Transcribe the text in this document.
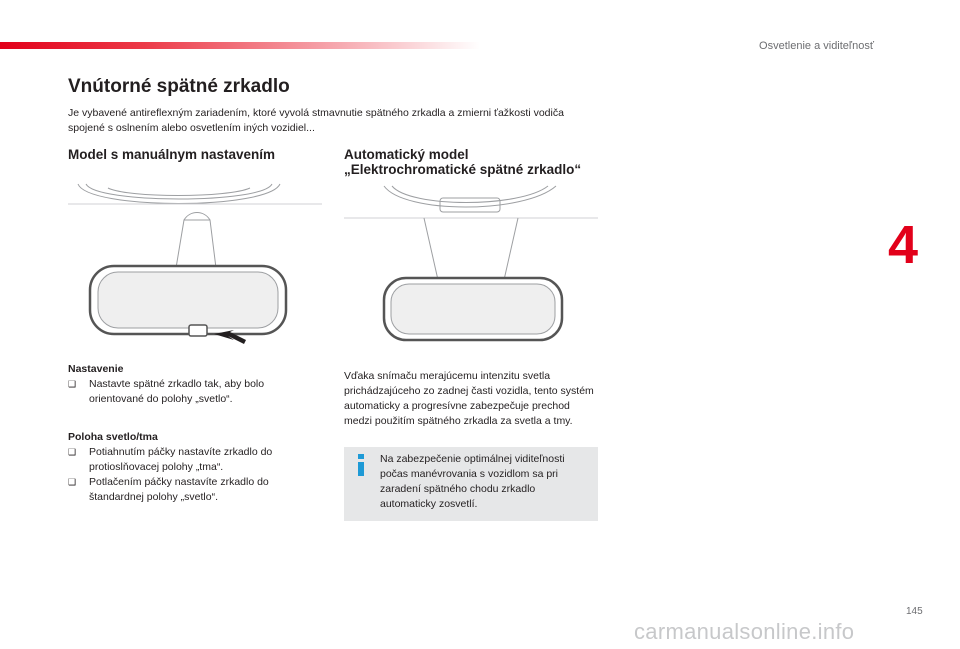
Osvetlenie a viditeľnosť
4
Vnútorné spätné zrkadlo

Je vybavené antireflexným zariadením, ktoré vyvolá stmavnutie spätného zrkadla a zmierni ťažkosti vodiča spojené s oslnením alebo osvetlením iných vozidiel...

Model s manuálnym nastavením	Automatický model
„Elektrochromatické spätné zrkadlo“
Nastavenie
❑	Nastavte spätné zrkadlo tak, aby bolo orientované do polohy „svetlo“.
Poloha svetlo/tma
❑	Potiahnutím páčky nastavíte zrkadlo do protioslňovacej polohy „tma“.
❑	Potlačením páčky nastavíte zrkadlo do štandardnej polohy „svetlo“.

Vďaka snímaču merajúcemu intenzitu svetla prichádzajúceho zo zadnej časti vozidla, tento systém automaticky a progresívne zabezpečuje prechod medzi použitím spätného zrkadla za svetla a tmy.

Na zabezpečenie optimálnej viditeľnosti počas manévrovania s vozidlom sa pri zaradení spätného chodu zrkadlo automaticky zosvetlí.
145
carmanualsonline.info
